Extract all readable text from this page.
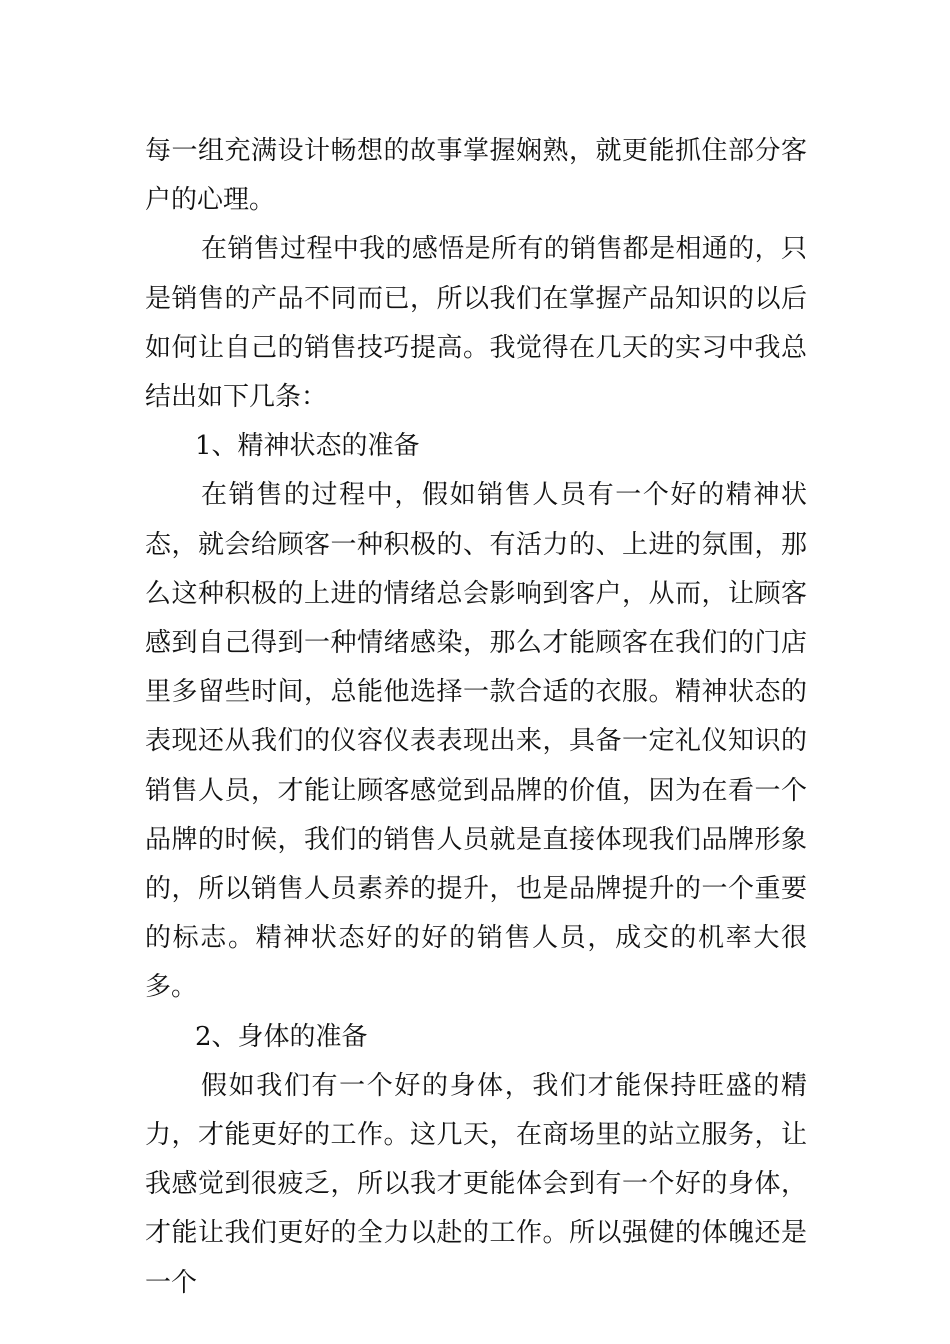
每一组充满设计畅想的故事掌握娴熟，就更能抓住部分客户的心理。

在销售过程中我的感悟是所有的销售都是相通的，只是销售的产品不同而已，所以我们在掌握产品知识的以后如何让自己的销售技巧提高。我觉得在几天的实习中我总结出如下几条：

1、精神状态的准备

在销售的过程中，假如销售人员有一个好的精神状态，就会给顾客一种积极的、有活力的、上进的氛围，那么这种积极的上进的情绪总会影响到客户，从而，让顾客感到自己得到一种情绪感染，那么才能顾客在我们的门店里多留些时间，总能他选择一款合适的衣服。精神状态的表现还从我们的仪容仪表表现出来，具备一定礼仪知识的销售人员，才能让顾客感觉到品牌的价值，因为在看一个品牌的时候，我们的销售人员就是直接体现我们品牌形象的，所以销售人员素养的提升，也是品牌提升的一个重要的标志。精神状态好的好的销售人员，成交的机率大很多。

2、身体的准备

假如我们有一个好的身体，我们才能保持旺盛的精力，才能更好的工作。这几天，在商场里的站立服务，让我感觉到很疲乏，所以我才更能体会到有一个好的身体，才能让我们更好的全力以赴的工作。所以强健的体魄还是一个
